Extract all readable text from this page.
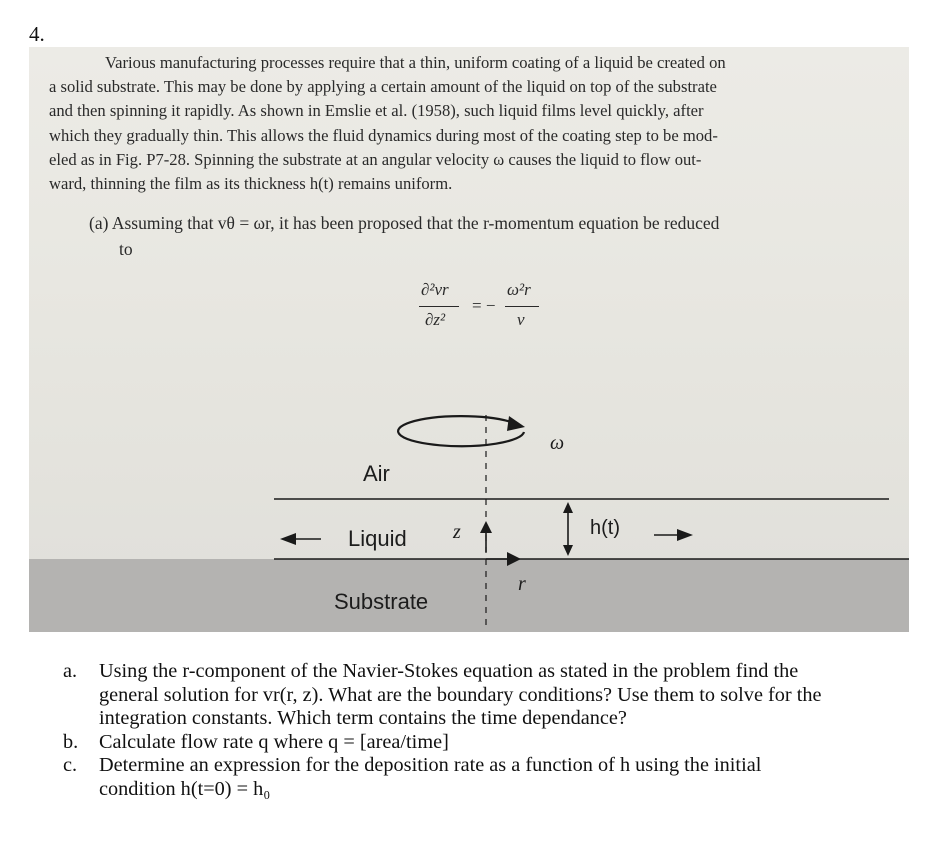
4.
Various manufacturing processes require that a thin, uniform coating of a liquid be created on
a solid substrate. This may be done by applying a certain amount of the liquid on top of the substrate
and then spinning it rapidly. As shown in Emslie et al. (1958), such liquid films level quickly, after
which they gradually thin. This allows the fluid dynamics during most of the coating step to be mod-
eled as in Fig. P7-28. Spinning the substrate at an angular velocity ω causes the liquid to flow out-
ward, thinning the film as its thickness h(t) remains uniform.
(a) Assuming that vθ = ωr, it has been proposed that the r-momentum equation be reduced
to
∂²vr
∂z²
= −
ω²r
ν
Air
Liquid
Substrate
z
r
ω
h(t)
a. Using the r-component of the Navier-Stokes equation as stated in the problem find the
general solution for vr(r, z). What are the boundary conditions? Use them to solve for the
integration constants. Which term contains the time dependance?
b. Calculate flow rate q where q = [area/time]
c. Determine an expression for the deposition rate as a function of h using the initial
condition h(t=0) = h₀
